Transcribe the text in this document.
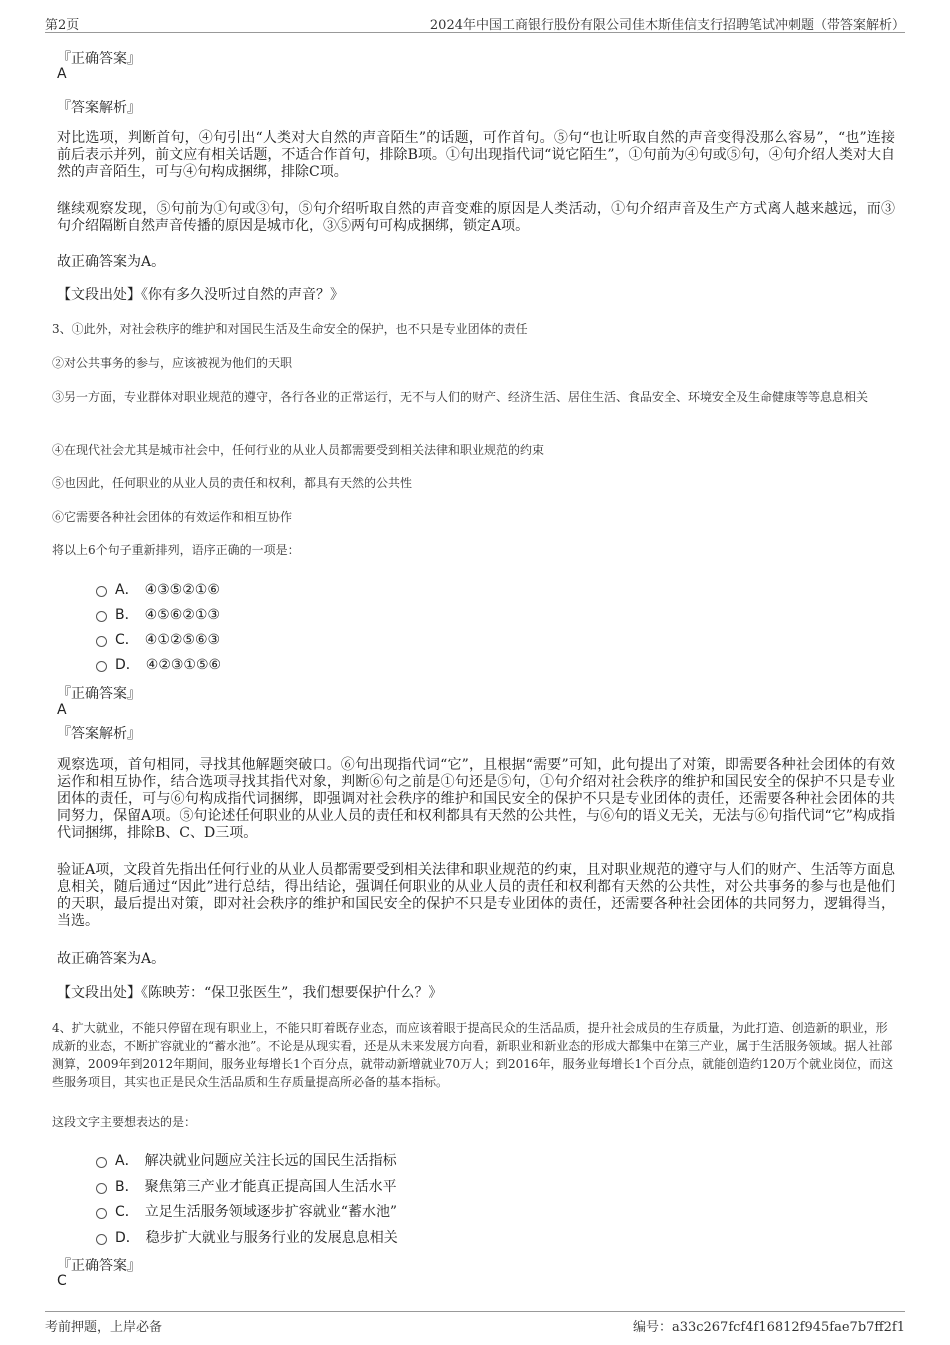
第2页	2024年中国工商银行股份有限公司佳木斯佳信支行招聘笔试冲刺题（带答案解析）
『正确答案』
A
『答案解析』
对比选项，判断首句，④句引出“人类对大自然的声音陌生”的话题，可作首句。⑤句“也让听取自然的声音变得没那么容易”，“也”连接前后表示并列，前文应有相关话题，不适合作首句，排除B项。①句出现指代词“说它陌生”，①句前为④句或⑤句，④句介绍人类对大自然的声音陌生，可与④句构成捆绑，排除C项。
继续观察发现，⑤句前为①句或③句，⑤句介绍听取自然的声音变难的原因是人类活动，①句介绍声音及生产方式离人越来越远，而③句介绍隔断自然声音传播的原因是城市化，③⑤两句可构成捆绑，锁定A项。
故正确答案为A。
【文段出处】《你有多久没听过自然的声音？》
3、①此外，对社会秩序的维护和对国民生活及生命安全的保护，也不只是专业团体的责任
②对公共事务的参与，应该被视为他们的天职
③另一方面，专业群体对职业规范的遵守，各行各业的正常运行，无不与人们的财产、经济生活、居住生活、食品安全、环境安全及生命健康等等息息相关
④在现代社会尤其是城市社会中，任何行业的从业人员都需要受到相关法律和职业规范的约束
⑤也因此，任何职业的从业人员的责任和权利，都具有天然的公共性
⑥它需要各种社会团体的有效运作和相互协作
将以上6个句子重新排列，语序正确的一项是：
A． ④③⑤②①⑥
B． ④⑤⑥②①③
C． ④①②⑤⑥③
D． ④②③①⑤⑥
『正确答案』
A
『答案解析』
观察选项，首句相同，寻找其他解题突破口。⑥句出现指代词“它”，且根据“需要”可知，此句提出了对策，即需要各种社会团体的有效运作和相互协作，结合选项寻找其指代对象，判断⑥句之前是①句还是⑤句，①句介绍对社会秩序的维护和国民安全的保护不只是专业团体的责任，可与⑥句构成指代词捆绑，即强调对社会秩序的维护和国民安全的保护不只是专业团体的责任，还需要各种社会团体的共同努力，保留A项。⑤句论述任何职业的从业人员的责任和权利都具有天然的公共性，与⑥句的语义无关，无法与⑥句指代词“它”构成指代词捆绑，排除B、C、D三项。
验证A项，文段首先指出任何行业的从业人员都需要受到相关法律和职业规范的约束，且对职业规范的遵守与人们的财产、生活等方面息息相关，随后通过“因此”进行总结，得出结论，强调任何职业的从业人员的责任和权利都有天然的公共性，对公共事务的参与也是他们的天职，最后提出对策，即对社会秩序的维护和国民安全的保护不只是专业团体的责任，还需要各种社会团体的共同努力，逻辑得当，当选。
故正确答案为A。
【文段出处】《陈映芳：“保卫张医生”，我们想要保护什么？》
4、扩大就业，不能只停留在现有职业上，不能只盯着既存业态，而应该着眼于提高民众的生活品质，提升社会成员的生存质量，为此打造、创造新的职业，形成新的业态，不断扩容就业的“蓄水池”。不论是从现实看，还是从未来发展方向看，新职业和新业态的形成大都集中在第三产业，属于生活服务领域。据人社部测算，2009年到2012年期间，服务业每增长1个百分点，就带动新增就业70万人；到2016年，服务业每增长1个百分点，就能创造约120万个就业岗位，而这些服务项目，其实也正是民众生活品质和生存质量提高所必备的基本指标。
这段文字主要想表达的是：
A． 解决就业问题应关注长远的国民生活指标
B． 聚焦第三产业才能真正提高国人生活水平
C． 立足生活服务领域逐步扩容就业“蓄水池”
D． 稳步扩大就业与服务行业的发展息息相关
『正确答案』
C
考前押题，上岸必备	编号：a33c267fcf4f16812f945fae7b7ff2f1
